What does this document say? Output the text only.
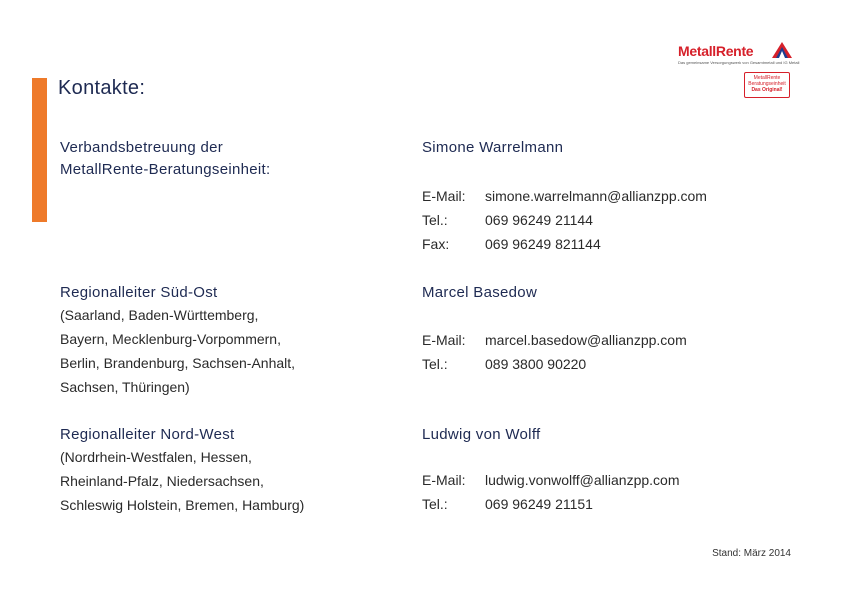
Kontakte:
MetallRente
Das gemeinsame Versorgungswerk von Gesamtmetall und IG Metall
MetallRente
Beratungseinheit
Das Original!
Verbandsbetreuung der
MetallRente-Beratungseinheit:
Simone Warrelmann
E-Mail: simone.warrelmann@allianzpp.com
Tel.:	069 96249 21144
Fax:	069 96249 821144
Regionalleiter Süd-Ost
(Saarland, Baden-Württemberg,
Bayern, Mecklenburg-Vorpommern,
Berlin, Brandenburg, Sachsen-Anhalt,
Sachsen, Thüringen)
Marcel Basedow
E-Mail: marcel.basedow@allianzpp.com
Tel.:	089 3800 90220
Regionalleiter Nord-West
(Nordrhein-Westfalen, Hessen,
Rheinland-Pfalz, Niedersachsen,
Schleswig Holstein, Bremen, Hamburg)
Ludwig von Wolff
E-Mail: ludwig.vonwolff@allianzpp.com
Tel.:	069 96249 21151
Stand: März 2014
